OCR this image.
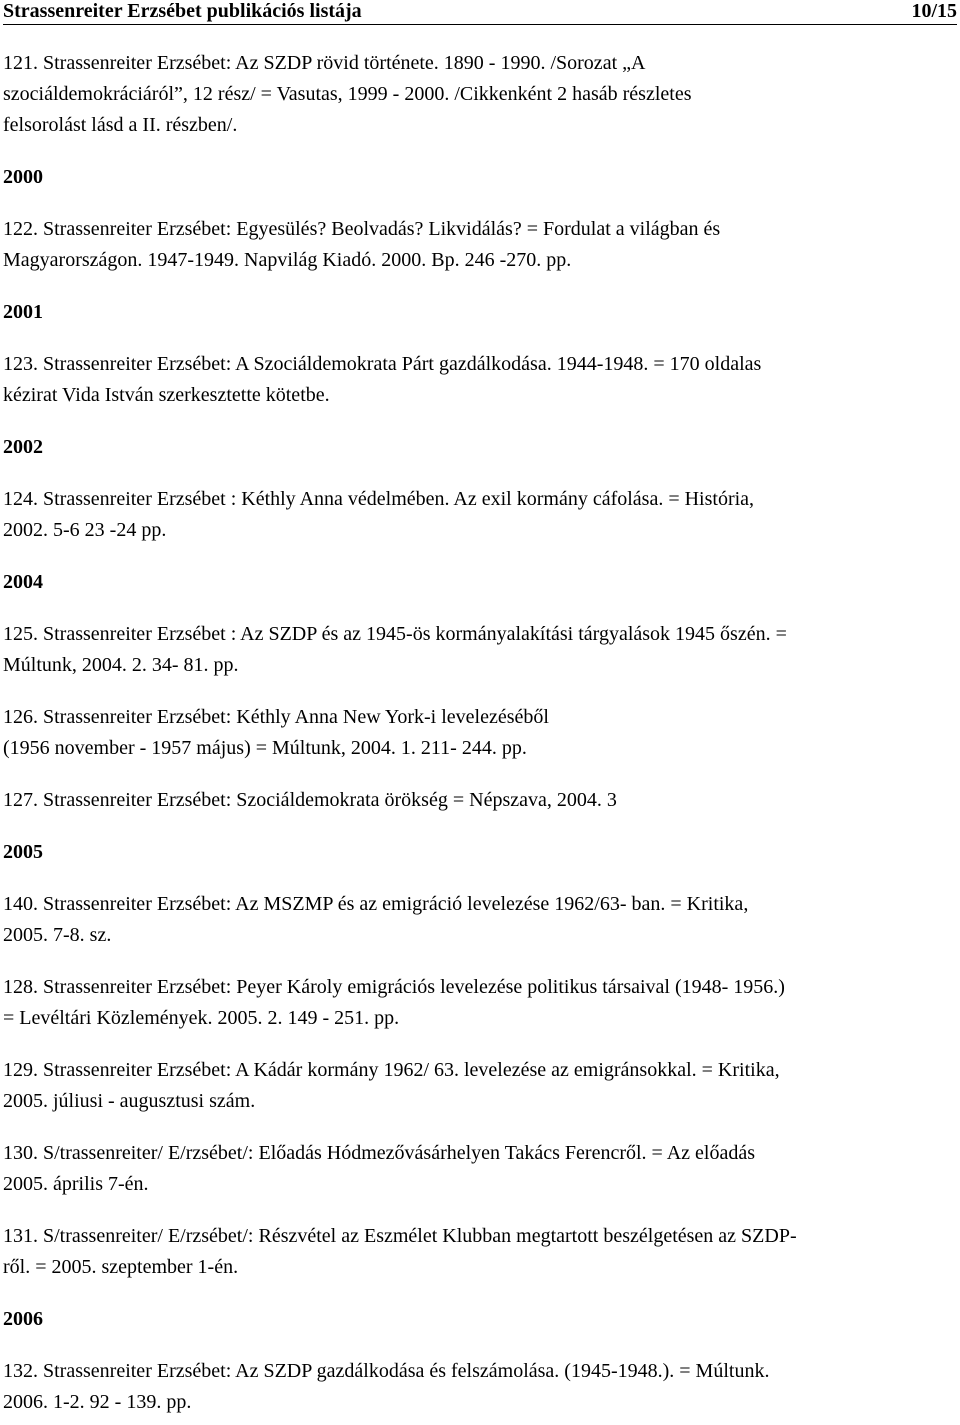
Strassenreiter Erzsébet publikációs listája	10/15
121. Strassenreiter Erzsébet: Az SZDP rövid története. 1890 - 1990. /Sorozat „A
szociáldemokráciáról”, 12 rész/ = Vasutas, 1999 - 2000. /Cikkenként 2 hasáb részletes
felsorolást lásd a II. részben/.

2000

122. Strassenreiter Erzsébet: Egyesülés? Beolvadás? Likvidálás? = Fordulat a világban és
Magyarországon. 1947-1949. Napvilág Kiadó. 2000. Bp. 246 -270. pp.

2001

123. Strassenreiter Erzsébet: A Szociáldemokrata Párt gazdálkodása. 1944-1948. = 170 oldalas
kézirat Vida István szerkesztette kötetbe.

2002

124. Strassenreiter Erzsébet : Kéthly Anna védelmében. Az exil kormány cáfolása. = História,
2002. 5-6 23 -24 pp.

2004

125. Strassenreiter Erzsébet : Az SZDP és az 1945-ös kormányalakítási tárgyalások 1945 őszén. =
Múltunk, 2004. 2. 34- 81. pp.
126. Strassenreiter Erzsébet: Kéthly Anna New York-i levelezéséből
(1956 november - 1957 május) = Múltunk, 2004. 1. 211- 244. pp.
127. Strassenreiter Erzsébet: Szociáldemokrata örökség = Népszava, 2004. 3

2005

140. Strassenreiter Erzsébet: Az MSZMP és az emigráció levelezése 1962/63- ban. = Kritika,
2005. 7-8. sz.
128. Strassenreiter Erzsébet: Peyer Károly emigrációs levelezése politikus társaival (1948- 1956.)
= Levéltári Közlemények. 2005. 2. 149 - 251. pp.
129. Strassenreiter Erzsébet: A Kádár kormány 1962/ 63. levelezése az emigránsokkal. = Kritika,
2005. júliusi - augusztusi szám.
130. S/trassenreiter/ E/rzsébet/: Előadás Hódmezővásárhelyen Takács Ferencről. = Az előadás
2005. április 7-én.
131. S/trassenreiter/ E/rzsébet/: Részvétel az Eszmélet Klubban megtartott beszélgetésen az SZDP-
ről. = 2005. szeptember 1-én.

2006

132. Strassenreiter Erzsébet: Az SZDP gazdálkodása és felszámolása. (1945-1948.). = Múltunk.
2006. 1-2. 92 - 139. pp.
